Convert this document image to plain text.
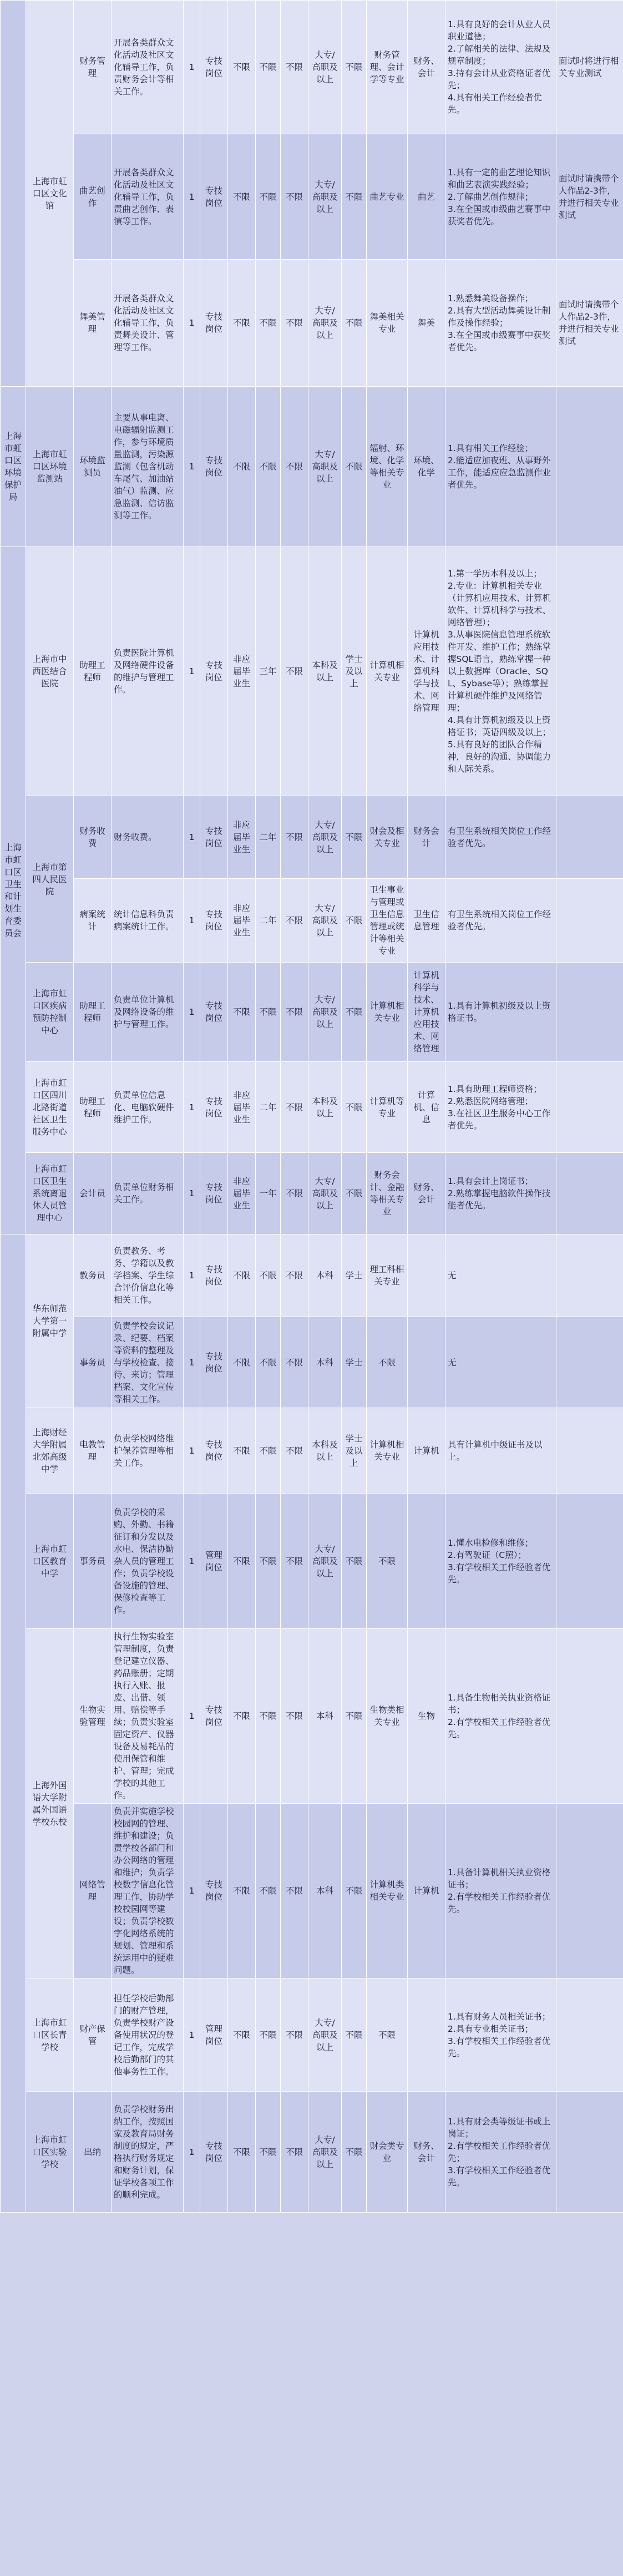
	上海市虹口区文化馆	财务管理	开展各类群众文化活动及社区文化辅导工作，负责财务会计等相关工作。	1	专技岗位	不限	不限	不限	大专/高职及以上	不限	财务管理、会计学等专业	财务、会计	1.具有良好的会计从业人员职业道德；
2.了解相关的法律、法规及规章制度；
3.持有会计从业资格证者优先；
4.具有相关工作经验者优先。	面试时将进行相关专业测试
		曲艺创作	开展各类群众文化活动及社区文化辅导工作，负责曲艺创作、表演等工作。	1	专技岗位	不限	不限	不限	大专/高职及以上	不限	曲艺专业	曲艺	1.具有一定的曲艺理论知识和曲艺表演实践经验；
2.了解曲艺创作规律；
3.在全国或市级曲艺赛事中获奖者优先。	面试时请携带个人作品2-3件，并进行相关专业测试
		舞美管理	开展各类群众文化活动及社区文化辅导工作，负责舞美设计、管理等工作。	1	专技岗位	不限	不限	不限	大专/高职及以上	不限	舞美相关专业	舞美	1.熟悉舞美设备操作；
2.具有大型活动舞美设计制作及操作经验；
3.在全国或市级赛事中获奖者优先。	面试时请携带个人作品2-3件，并进行相关专业测试
上海市虹口区环境保护局	上海市虹口区环境监测站	环境监测员	主要从事电离、电磁辐射监测工作，参与环境质量监测，污染源监测（包含机动车尾气、加油站油气）监测、应急监测、信访监测等工作。	1	专技岗位	不限	不限	不限	大专/高职及以上	不限	辐射、环境、化学等相关专业	环境、化学	1.具有相关工作经验；
2.能适应加夜班、从事野外工作，能适应应急监测作业者优先。	
上海市虹口区卫生和计划生育委员会	上海市中西医结合医院	助理工程师	负责医院计算机及网络硬件设备的维护与管理工作。	1	专技岗位	非应届毕业生	三年	不限	本科及以上	学士及以上	计算机相关专业	计算机应用技术、计算机科学与技术、网络管理	1.第一学历本科及以上；
2.专业：计算机相关专业（计算机应用技术、计算机软件、计算机科学与技术、网络管理）；
3.从事医院信息管理系统软件开发、维护工作；熟练掌握SQL语言，熟练掌握一种以上数据库（Oracle、SQL、Sybase等）；熟练掌握计算机硬件维护及网络管理；
4.具有计算机初级及以上资格证书；英语四级及以上；
5.具有良好的团队合作精神，良好的沟通、协调能力和人际关系。	
	上海市第四人民医院	财务收费	财务收费。	1	专技岗位	非应届毕业生	二年	不限	大专/高职及以上	不限	财会及相关专业	财务会计	有卫生系统相关岗位工作经验者优先。	
		病案统计	统计信息科负责病案统计工作。	1	专技岗位	非应届毕业生	二年	不限	大专/高职及以上	不限	卫生事业与管理或卫生信息管理或统计等相关专业	卫生信息管理	有卫生系统相关岗位工作经验者优先。	
	上海市虹口区疾病预防控制中心	助理工程师	负责单位计算机及网络设备的维护与管理工作。	1	专技岗位	不限	不限	不限	大专/高职及以上	不限	计算机相关专业	计算机科学与技术、计算机应用技术、网络管理	1.具有计算机初级及以上资格证书。	
	上海市虹口区四川北路街道社区卫生服务中心	助理工程师	负责单位信息化、电脑软硬件维护工作。	1	专技岗位	非应届毕业生	二年	不限	本科及以上	不限	计算机等专业	计算机、信息	1.具有助理工程师资格；
2.熟悉医院网络管理；
3.在社区卫生服务中心工作者优先。	
	上海市虹口区卫生系统离退休人员管理中心	会计员	负责单位财务相关工作。	1	专技岗位	非应届毕业生	一年	不限	大专/高职及以上	不限	财务会计、金融等相关专业	财务、会计	1.具有会计上岗证书；
2.熟练掌握电脑软件操作技能者优先。	
	华东师范大学第一附属中学	教务员	负责教务、考务、学籍以及教学档案、学生综合评价信息化等相关工作。	1	专技岗位	不限	不限	不限	本科	学士	理工科相关专业		无	
		事务员	负责学校会议记录、纪要、档案等资料的整理及与学校检查、接待、来访；管理档案、文化宣传等相关工作。	1	专技岗位	不限	不限	不限	本科	学士	不限		无	
	上海财经大学附属北郊高级中学	电教管理	负责学校网络维护保养管理等相关工作。	1	专技岗位	不限	不限	不限	本科及以上	学士及以上	计算机相关专业	计算机	具有计算机中级证书及以上。	
	上海市虹口区教育中学	事务员	负责学校的采购、外勤、书籍征订和分发以及水电、保洁协勤杂人员的管理工作；负责学校设备设施的管理、保修检查等工作。	1	管理岗位	不限	不限	不限	大专/高职及以上	不限	不限		1.懂水电检修和维修；
2.有驾驶证（C照）；
3.有学校相关工作经验者优先。	
	上海外国语大学附属外国语学校东校	生物实验管理	执行生物实验室管理制度，负责登记建立仪器、药品账册；定期执行入账、报废、出借、领用、赔偿等手续；负责实验室固定资产、仪器设备及易耗品的使用保管和维护、管理；完成学校的其他工作。	1	专技岗位	不限	不限	不限	本科	不限	生物类相关专业	生物	1.具备生物相关执业资格证书；
2.有学校相关工作经验者优先。	
		网络管理	负责并实施学校校园网的管理、维护和建设；负责学校各部门和办公网络的管理和维护；负责学校数字信息化管理工作，协助学校校园网等建设；负责学校数字化网络系统的规划、管理和系统运用中的疑难问题。	1	专技岗位	不限	不限	不限	本科	不限	计算机类相关专业	计算机	1.具备计算机相关执业资格证书；
2.有学校相关工作经验者优先。	
	上海市虹口区长青学校	财产保管	担任学校后勤部门的财产管理，负责学校财产设备使用状况的登记工作，完成学校后勤部门的其他事务性工作。	1	管理岗位	不限	不限	不限	大专/高职及以上	不限	不限		1.具有财务人员相关证书；
2.具有专业相关证书；
3.有学校相关工作经验者优先。	
	上海市虹口区实验学校	出纳	负责学校财务出纳工作，按照国家及教育局财务制度的规定，严格执行财务规定和财务计划，保证学校各项工作的顺利完成。	1	专技岗位	不限	不限	不限	大专/高职及以上	不限	财会类专业	财务、会计	1.具有财会类等级证书或上岗证；
2.有学校相关工作经验者优先；
3.有学校相关工作经验者优先。	
